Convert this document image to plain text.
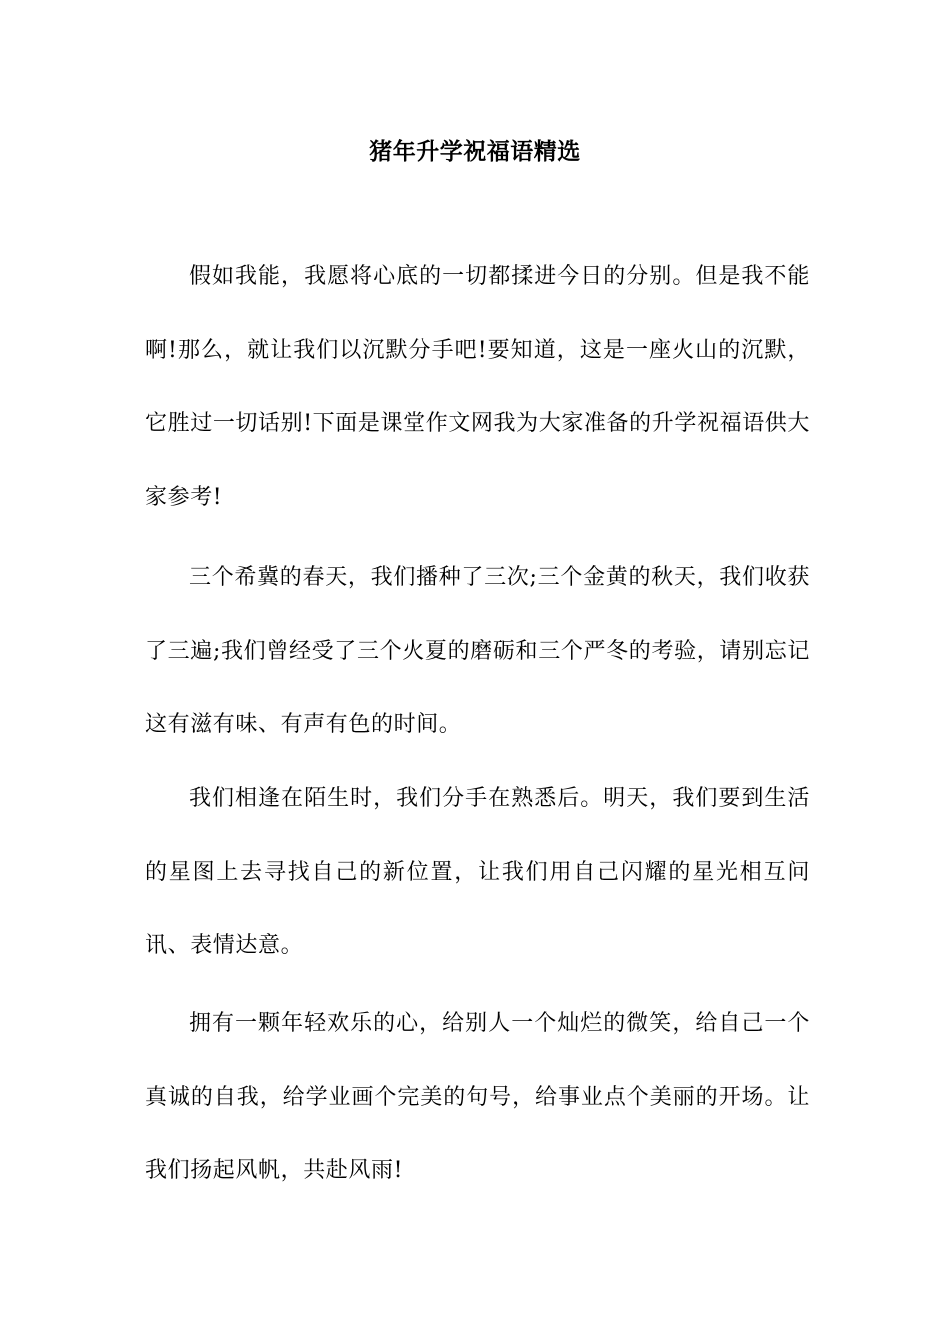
猪年升学祝福语精选

假如我能，我愿将心底的一切都揉进今日的分别。但是我不能啊!那么，就让我们以沉默分手吧!要知道，这是一座火山的沉默，它胜过一切话别!下面是课堂作文网我为大家准备的升学祝福语供大家参考!

三个希冀的春天，我们播种了三次;三个金黄的秋天，我们收获了三遍;我们曾经受了三个火夏的磨砺和三个严冬的考验，请别忘记这有滋有味、有声有色的时间。

我们相逢在陌生时，我们分手在熟悉后。明天，我们要到生活的星图上去寻找自己的新位置，让我们用自己闪耀的星光相互问讯、表情达意。

拥有一颗年轻欢乐的心，给别人一个灿烂的微笑，给自己一个真诚的自我，给学业画个完美的句号，给事业点个美丽的开场。让我们扬起风帆，共赴风雨!
